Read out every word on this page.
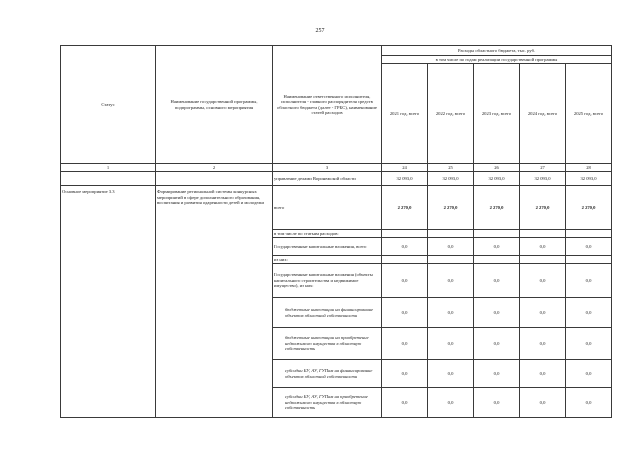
257
Статус	Наименование государственной программы, подпрограммы, основного мероприятия	Наименование ответственного исполнителя, исполнителя - главного распорядителя средств областного бюджета (далее - ГРБС), наименование статей расходов	Расходы областного бюджета, тыс. руб.				
			в том числе по годам реализации государственной программы				
			2021 год, всего	2022 год, всего	2023 год, всего	2024 год, всего	2025 год, всего
1	2	3	24	25	26	27	28
		управление делами Воронежской области	32 093,0	32 093,0	32 093,0	32 093,0	32 093,0
Основное мероприятие 3.3	Формирование региональной системы конкурсных мероприятий в сфере дополнительного образования, воспитания и развития одаренности детей и молодежи	всего	2 270,0	2 270,0	2 270,0	2 270,0	2 270,0
		в том числе по статьям расходов:					
		Государственные капитальные вложения, всего	0,0	0,0	0,0	0,0	0,0
		из них:					
		Государственные капитальные вложения (объекты капитального строительства и недвижимое имущество), из них:	0,0	0,0	0,0	0,0	0,0
		бюджетные инвестиции на финансирование объектов областной собственности	0,0	0,0	0,0	0,0	0,0
		бюджетные инвестиции на приобретение недвижимого имущества в областную собственность	0,0	0,0	0,0	0,0	0,0
		субсидии БУ, АУ, ГУПам на финансирование объектов областной собственности	0,0	0,0	0,0	0,0	0,0
		субсидии БУ, АУ, ГУПам на приобретение недвижимого имущества в областную собственность	0,0	0,0	0,0	0,0	0,0
